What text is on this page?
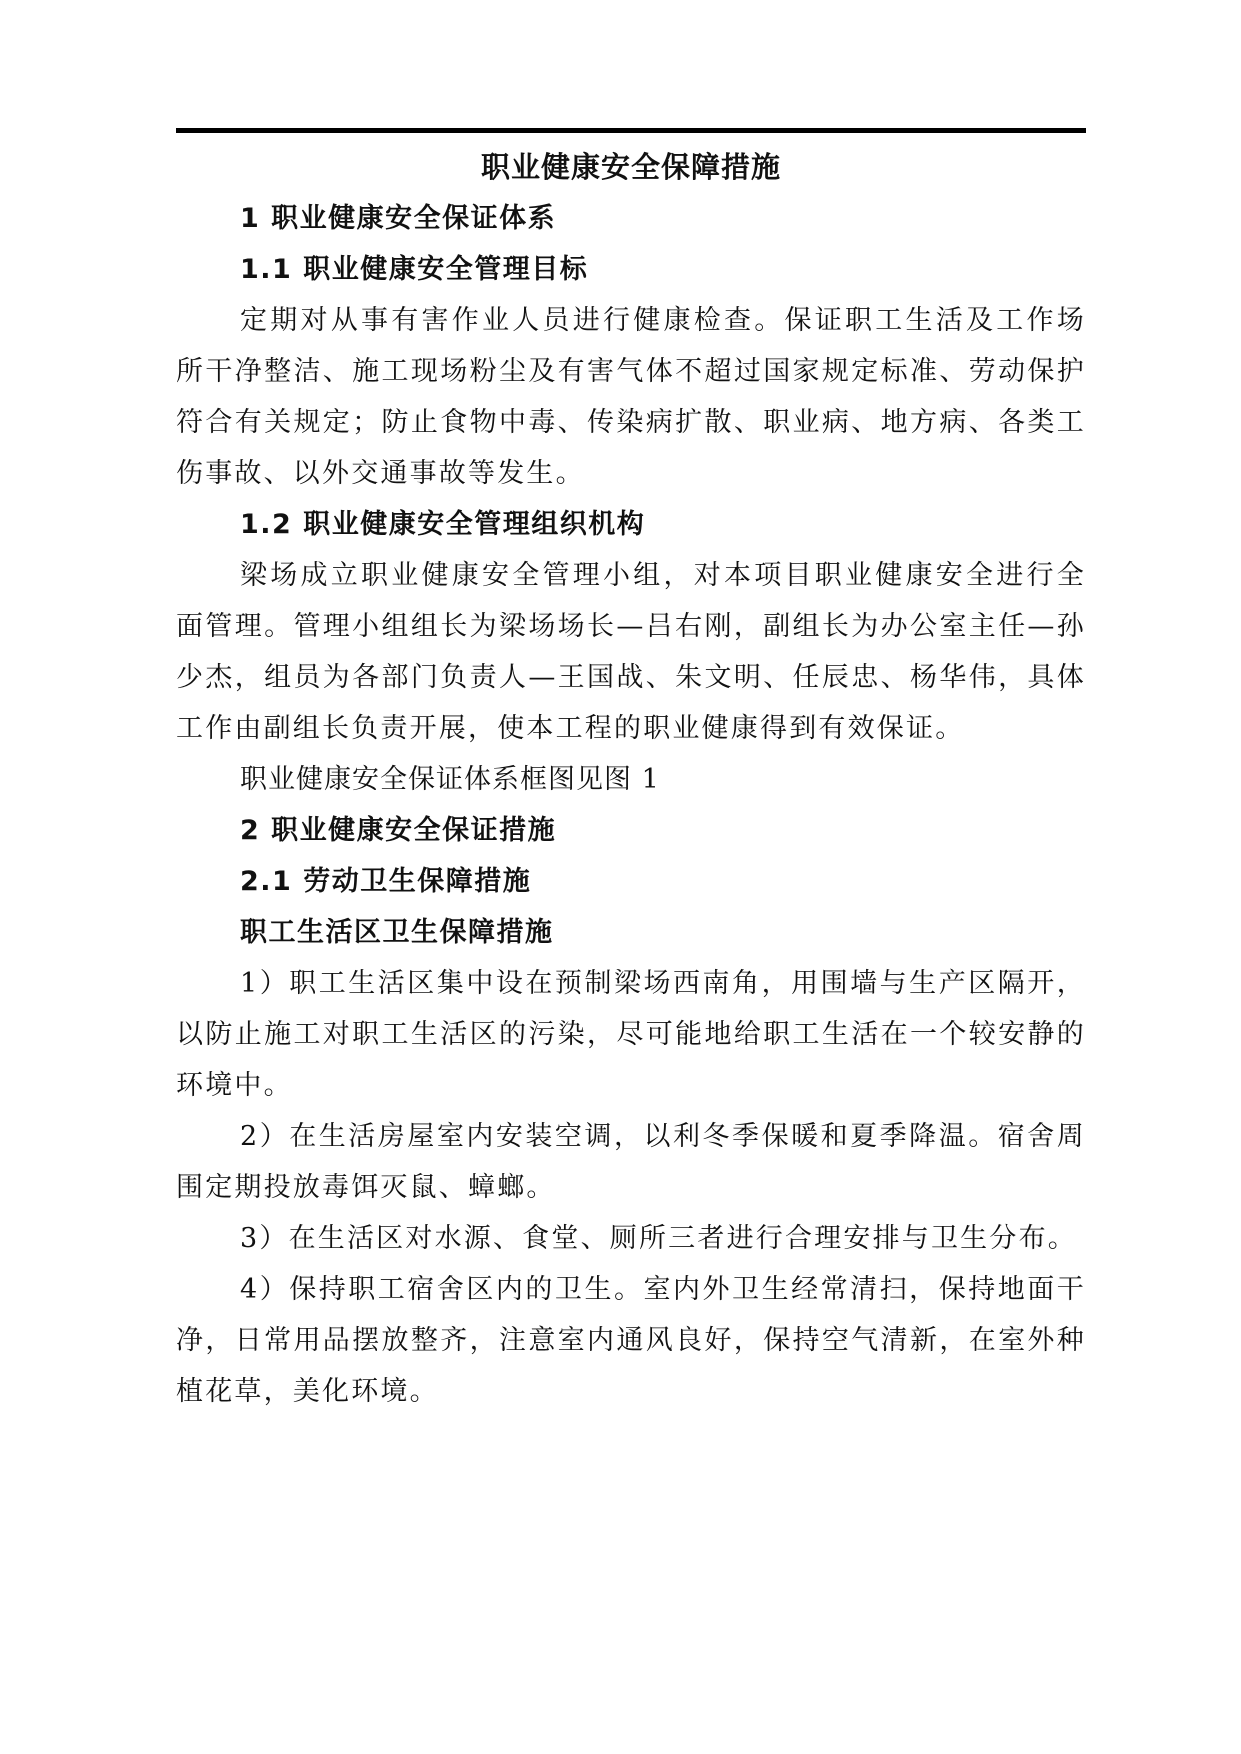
职业健康安全保障措施
1 职业健康安全保证体系
1.1 职业健康安全管理目标

定期对从事有害作业人员进行健康检查。保证职工生活及工作场所干净整洁、施工现场粉尘及有害气体不超过国家规定标准、劳动保护符合有关规定；防止食物中毒、传染病扩散、职业病、地方病、各类工伤事故、以外交通事故等发生。

1.2 职业健康安全管理组织机构

梁场成立职业健康安全管理小组，对本项目职业健康安全进行全面管理。管理小组组长为梁场场长—吕右刚，副组长为办公室主任—孙少杰，组员为各部门负责人—王国战、朱文明、任辰忠、杨华伟，具体工作由副组长负责开展，使本工程的职业健康得到有效保证。

职业健康安全保证体系框图见图 1

2 职业健康安全保证措施
2.1 劳动卫生保障措施
职工生活区卫生保障措施

1）职工生活区集中设在预制梁场西南角，用围墙与生产区隔开，以防止施工对职工生活区的污染，尽可能地给职工生活在一个较安静的环境中。

2）在生活房屋室内安装空调，以利冬季保暖和夏季降温。宿舍周围定期投放毒饵灭鼠、蟑螂。

3）在生活区对水源、食堂、厕所三者进行合理安排与卫生分布。

4）保持职工宿舍区内的卫生。室内外卫生经常清扫，保持地面干净，日常用品摆放整齐，注意室内通风良好，保持空气清新，在室外种植花草，美化环境。
